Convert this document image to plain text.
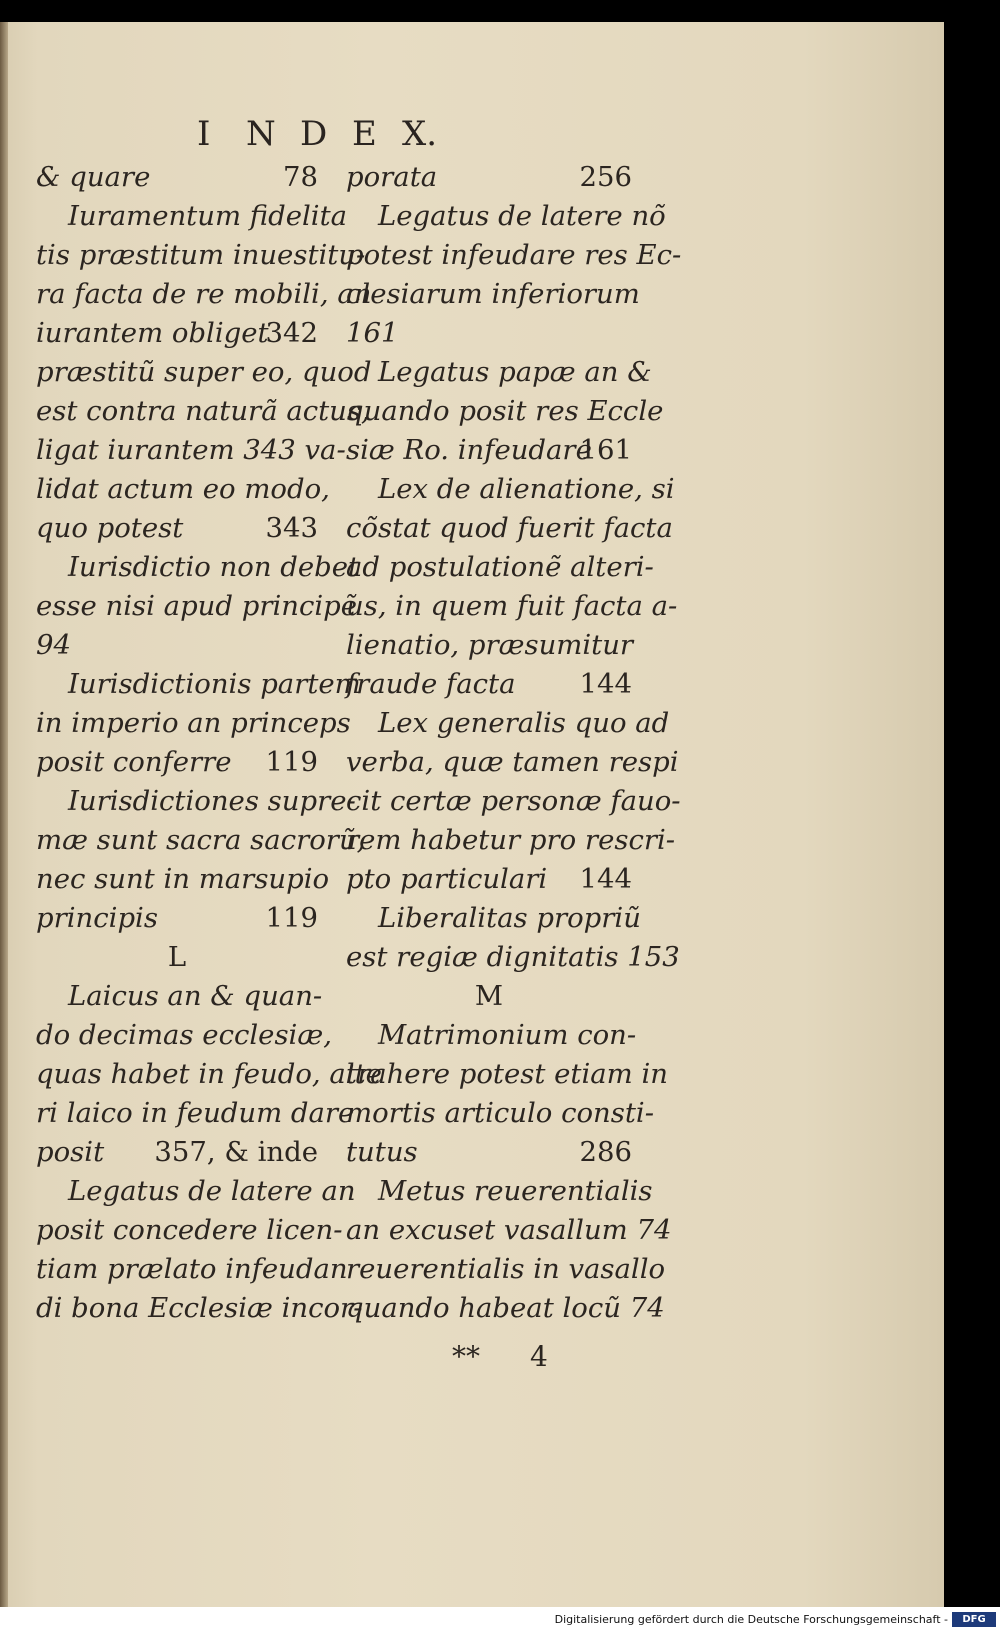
I N D E X.
& quare	78
Iuramentum fidelita
tis præstitum inuestitu-
ra facta de re mobili, an
iurantem obliget
342
præstitũ super eo, quod
est contra naturã actus,
ligat iurantem 343 va-
lidat actum eo modo,
quo potest	343
Iurisdictio non debet
esse nisi apud principẽ
94
Iurisdictionis partem
in imperio an princeps
posit conferre 119
Iurisdictiones supre-
mæ sunt sacra sacrorũ,
nec sunt in marsupio
principis	119
L
Laicus an & quan-
do decimas ecclesiæ,
quas habet in feudo, alte
ri laico in feudum dare
posit 357, & inde
Legatus de latere an
posit concedere licen-
tiam prælato infeudan
di bona Ecclesiæ incor-
porata	256
Legatus de latere nõ
potest infeudare res Ec-
clesiarum inferiorum
161
Legatus papæ an &
quando posit res Eccle
siæ Ro. infeudare
161
Lex de alienatione, si
cõstat quod fuerit facta
ad postulationẽ alteri-
us, in quem fuit facta a-
lienatio, præsumitur
fraude facta 144
Lex generalis quo ad
verba, quæ tamen respi
cit certæ personæ fauo-
rem habetur pro rescri-
pto particulari 144
Liberalitas propriũ
est regiæ dignitatis 153
M
Matrimonium con-
trahere potest etiam in
mortis articulo consti-
tutus	286
Metus reuerentialis
an excuset vasallum 74
reuerentialis in vasallo
quando habeat locũ 74
** 4
Digitalisierung gefördert durch die Deutsche Forschungsgemeinschaft -	DFG
